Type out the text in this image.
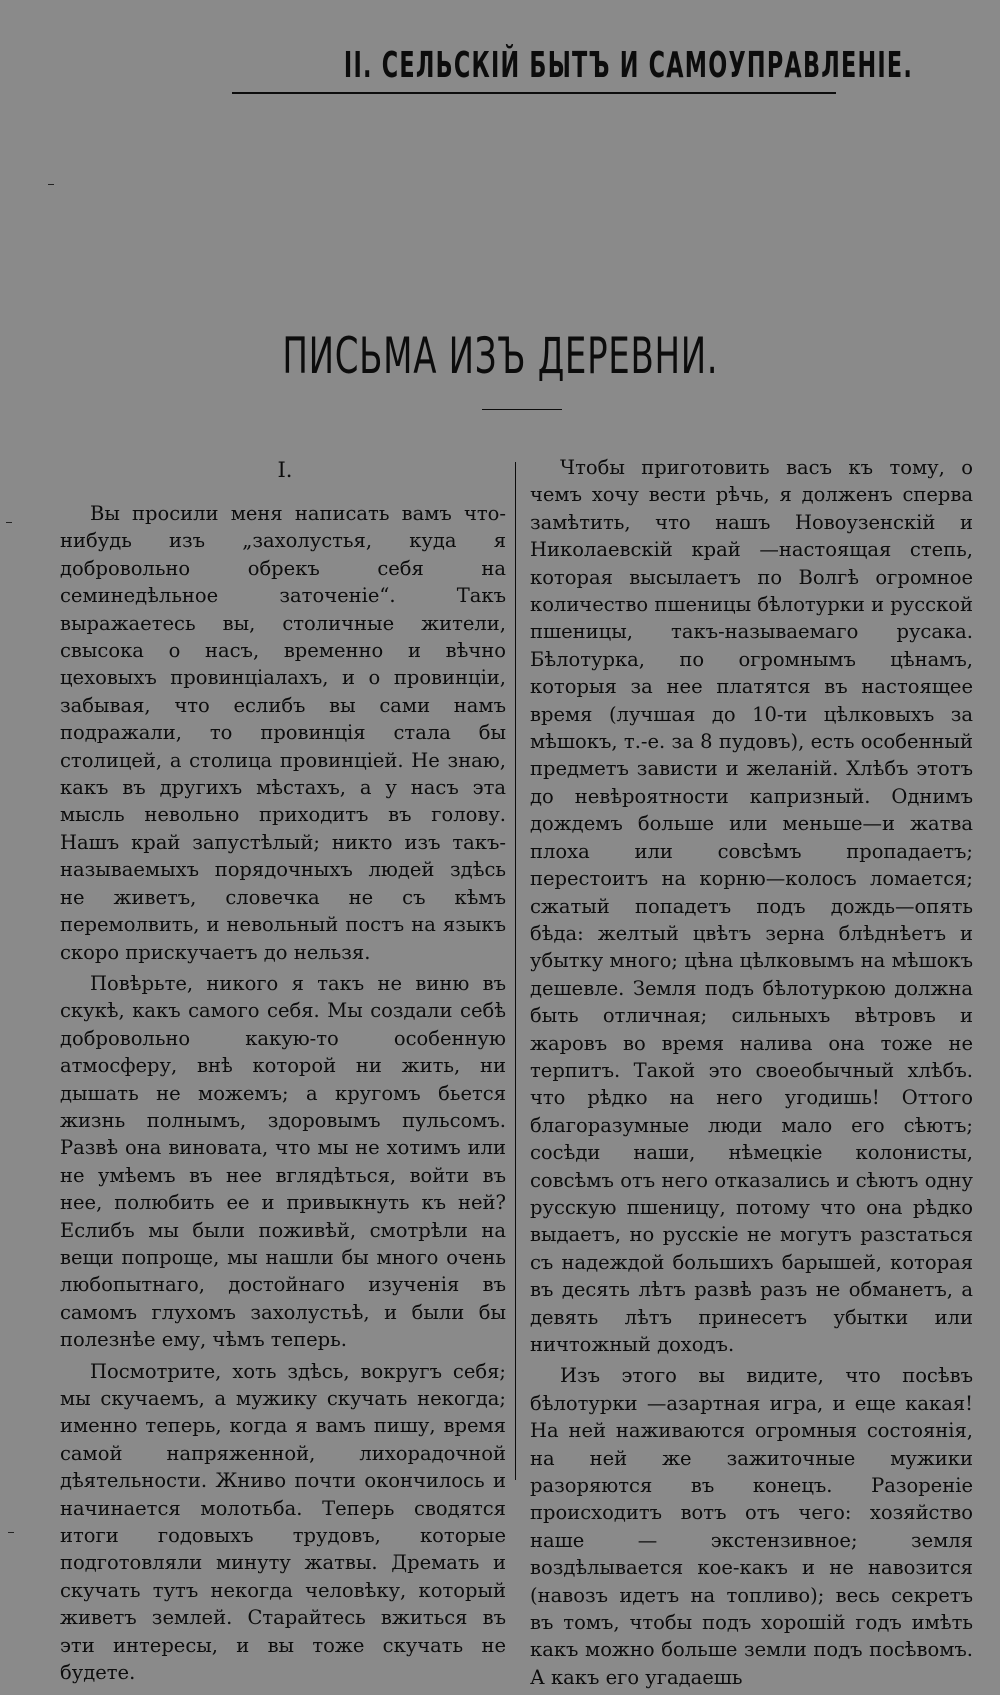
II. СЕЛЬСКІЙ БЫТЪ И САМОУПРАВЛЕНІЕ.
ПИСЬМА ИЗЪ ДЕРЕВНИ.
I.

Вы просили меня написать вамъ что-нибудь изъ „захолустья, куда я добровольно обрекъ себя на семинедѣльное заточеніе“. Такъ выражаетесь вы, столичные жители, свысока о насъ, временно и вѣчно цеховыхъ провинціалахъ, и о провинціи, забывая, что еслибъ вы сами намъ подражали, то провинція стала бы столицей, а столица провинціей. Не знаю, какъ въ другихъ мѣстахъ, а у насъ эта мысль невольно приходитъ въ голову. Нашъ край запустѣлый; никто изъ такъ-называемыхъ порядочныхъ людей здѣсь не живетъ, словечка не съ кѣмъ перемолвить, и невольный постъ на языкъ скоро прискучаетъ до нельзя.

Повѣрьте, никого я такъ не виню въ скукѣ, какъ самого себя. Мы создали себѣ добровольно какую-то особенную атмосферу, внѣ которой ни жить, ни дышать не можемъ; а кругомъ бьется жизнь полнымъ, здоровымъ пульсомъ. Развѣ она виновата, что мы не хотимъ или не умѣемъ въ нее вглядѣться, войти въ нее, полюбить ее и привыкнуть къ ней? Еслибъ мы были поживѣй, смотрѣли на вещи попроще, мы нашли бы много очень любопытнаго, достойнаго изученія въ самомъ глухомъ захолустьѣ, и были бы полезнѣе ему, чѣмъ теперь.

Посмотрите, хоть здѣсь, вокругъ себя; мы скучаемъ, а мужику скучать некогда; именно теперь, когда я вамъ пишу, время самой напряженной, лихорадочной дѣятельности. Жниво почти окончилось и начинается молотьба. Теперь сводятся итоги годовыхъ трудовъ, которые подготовляли минуту жатвы. Дремать и скучать тутъ некогда человѣку, который живетъ землей. Старайтесь вжиться въ эти интересы, и вы тоже скучать не будете.

Чтобы приготовить васъ къ тому, о чемъ хочу вести рѣчь, я долженъ сперва замѣтить, что нашъ Новоузенскій и Николаевскій край —настоящая степь, которая высылаетъ по Волгѣ огромное количество пшеницы бѣлотурки и русской пшеницы, такъ-называемаго русака. Бѣлотурка, по огромнымъ цѣнамъ, которыя за нее платятся въ настоящее время (лучшая до 10-ти цѣлковыхъ за мѣшокъ, т.-е. за 8 пудовъ), есть особенный предметъ зависти и желаній. Хлѣбъ этотъ до невѣроятности капризный. Однимъ дождемъ больше или меньше—и жатва плоха или совсѣмъ пропадаетъ; перестоитъ на корню—колосъ ломается; сжатый попадетъ подъ дождь—опять бѣда: желтый цвѣтъ зерна блѣднѣетъ и убытку много; цѣна цѣлковымъ на мѣшокъ дешевле. Земля подъ бѣлотуркою должна быть отличная; сильныхъ вѣтровъ и жаровъ во время налива она тоже не терпитъ. Такой это своеобычный хлѣбъ. что рѣдко на него угодишь! Оттого благоразумные люди мало его сѣютъ; сосѣди наши, нѣмецкіе колонисты, совсѣмъ отъ него отказались и сѣютъ одну русскую пшеницу, потому что она рѣдко выдаетъ, но русскіе не могутъ разстаться съ надеждой большихъ барышей, которая въ десять лѣтъ развѣ разъ не обманетъ, а девять лѣтъ принесетъ убытки или ничтожный доходъ.

Изъ этого вы видите, что посѣвъ бѣлотурки —азартная игра, и еще какая! На ней наживаются огромныя состоянія, на ней же зажиточные мужики разоряются въ конецъ. Разореніе происходитъ вотъ отъ чего: хозяйство наше — экстензивное; земля воздѣлывается кое-какъ и не навозится (навозъ идетъ на топливо); весь секретъ въ томъ, чтобы подъ хорошій годъ имѣть какъ можно больше земли подъ посѣвомъ. А какъ его угадаешь
